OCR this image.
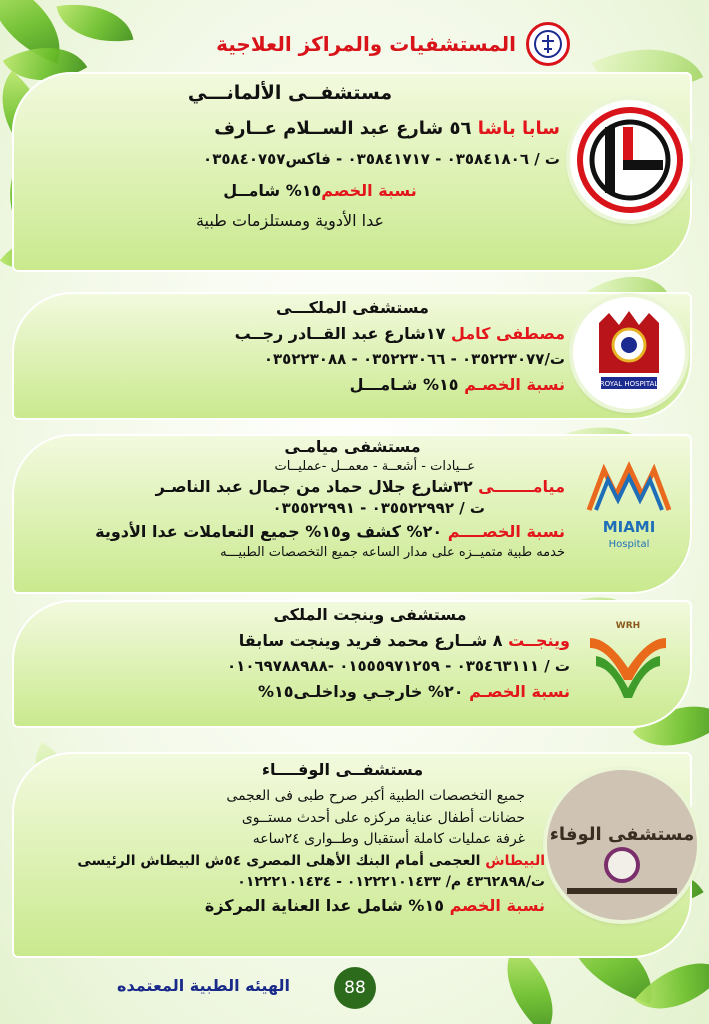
المستشفيات والمراكز العلاجية
مستشفــى الألمانـــي
سابا باشا ٥٦ شارع عبد الســلام عــارف
ت / ٠٣٥٨٤١٨٠٦ - ٠٣٥٨٤١٧١٧ - فاكس٠٣٥٨٤٠٧٥٧
نسبة الخصم١٥% شامــل
عدا الأدوية ومستلزمات طبية
ROYAL HOSPITAL
مستشفى الملكـــى
مصطفى كامل ١٧شارع عبد القــادر رجــب
ت/٠٣٥٢٢٣٠٧٧ - ٠٣٥٢٢٣٠٦٦ - ٠٣٥٢٢٣٠٨٨
نسبة الخصـم ١٥% شـامـــل
MIAMI
Hospital
مستشفى ميامـى
عــيادات - أشعــة - معمــل -عمليــات
ميامـــــــى ٣٢شارع جلال حماد من جمال عبد الناصـر
ت / ٠٣٥٥٢٢٩٩٢ - ٠٣٥٥٢٢٩٩١
نسبة الخصــــم ٢٠% كشف و١٥% جميع التعاملات عدا الأدوية
خدمه طبية متميــزه على مدار الساعه جميع التخصصات الطبيـــه
WRH
مستشفى وينجت الملكى
وينجــت ٨ شــارع محمد فريد وينجت سابقا
ت / ٠٣٥٤٦٣١١١ - ٠١٥٥٥٩٧١٢٥٩ -٠١٠٦٩٧٨٨٩٨٨
نسبة الخصـم ٢٠% خارجـي وداخلـى١٥%
مستشفى الوفاء
مستشفــى الوفــــاء
جميع التخصصات الطبية أكبر صرح طبى فى العجمى
حضانات أطفال عناية مركزه على أحدث مستــوى
غرفة عمليات كاملة أستقبال وطــوارى ٢٤ساعه
البيطاش العجمى أمام البنك الأهلى المصرى ٥٤ش البيطاش الرئيسى
ت/٤٣٦٢٨٩٨ م/ ٠١٢٢٢١٠١٤٣٣ - ٠١٢٢٢١٠١٤٣٤
نسبة الخصم ١٥% شامل عدا العناية المركزة
الهيئه الطبية المعتمده	88
